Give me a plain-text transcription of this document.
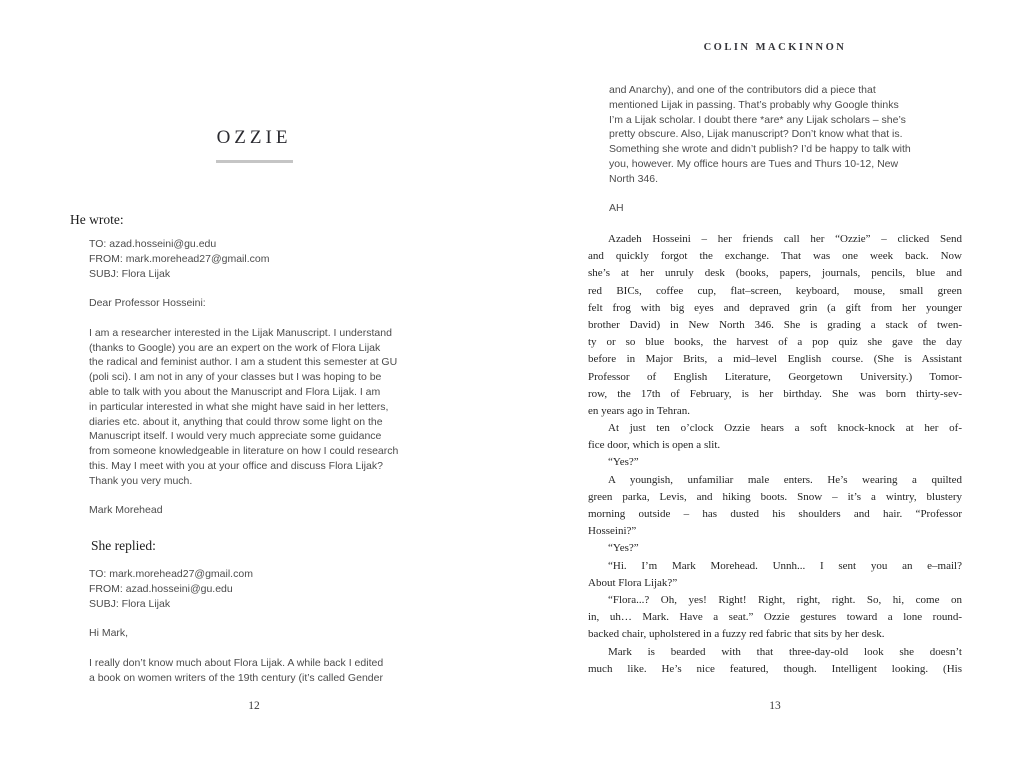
OZZIE
He wrote:
TO: azad.hosseini@gu.edu
FROM: mark.morehead27@gmail.com
SUBJ: Flora Lijak
Dear Professor Hosseini:
I am a researcher interested in the Lijak Manuscript. I understand
(thanks to Google) you are an expert on the work of Flora Lijak
the radical and feminist author. I am a student this semester at GU
(poli sci). I am not in any of your classes but I was hoping to be
able to talk with you about the Manuscript and Flora Lijak. I am
in particular interested in what she might have said in her letters,
diaries etc. about it, anything that could throw some light on the
Manuscript itself. I would very much appreciate some guidance
from someone knowledgeable in literature on how I could research
this. May I meet with you at your office and discuss Flora Lijak?
Thank you very much.
Mark Morehead
She replied:
TO: mark.morehead27@gmail.com
FROM: azad.hosseini@gu.edu
SUBJ: Flora Lijak
Hi Mark,
I really don’t know much about Flora Lijak. A while back I edited
a book on women writers of the 19th century (it’s called Gender
12
COLIN MACKINNON
and Anarchy), and one of the contributors did a piece that
mentioned Lijak in passing. That’s probably why Google thinks
I’m a Lijak scholar. I doubt there *are* any Lijak scholars – she’s
pretty obscure. Also, Lijak manuscript? Don’t know what that is.
Something she wrote and didn’t publish? I’d be happy to talk with
you, however. My office hours are Tues and Thurs 10-12, New
North 346.
AH
Azadeh Hosseini – her friends call her “Ozzie” – clicked Send
and quickly forgot the exchange. That was one week back. Now
she’s at her unruly desk (books, papers, journals, pencils, blue and
red BICs, coffee cup, flat–screen, keyboard, mouse, small green
felt frog with big eyes and depraved grin (a gift from her younger
brother David) in New North 346. She is grading a stack of twen-
ty or so blue books, the harvest of a pop quiz she gave the day
before in Major Brits, a mid–level English course. (She is Assistant
Professor of English Literature, Georgetown University.) Tomor-
row, the 17th of February, is her birthday. She was born thirty-sev-
en years ago in Tehran.
At just ten o’clock Ozzie hears a soft knock-knock at her of-
fice door, which is open a slit.
“Yes?”
A youngish, unfamiliar male enters. He’s wearing a quilted
green parka, Levis, and hiking boots. Snow – it’s a wintry, blustery
morning outside – has dusted his shoulders and hair. “Professor
Hosseini?”
“Yes?”
“Hi. I’m Mark Morehead. Unnh... I sent you an e–mail?
About Flora Lijak?”
“Flora...? Oh, yes! Right! Right, right, right. So, hi, come on
in, uh… Mark. Have a seat.” Ozzie gestures toward a lone round-
backed chair, upholstered in a fuzzy red fabric that sits by her desk.
Mark is bearded with that three-day-old look she doesn’t
much like. He’s nice featured, though. Intelligent looking. (His
13
